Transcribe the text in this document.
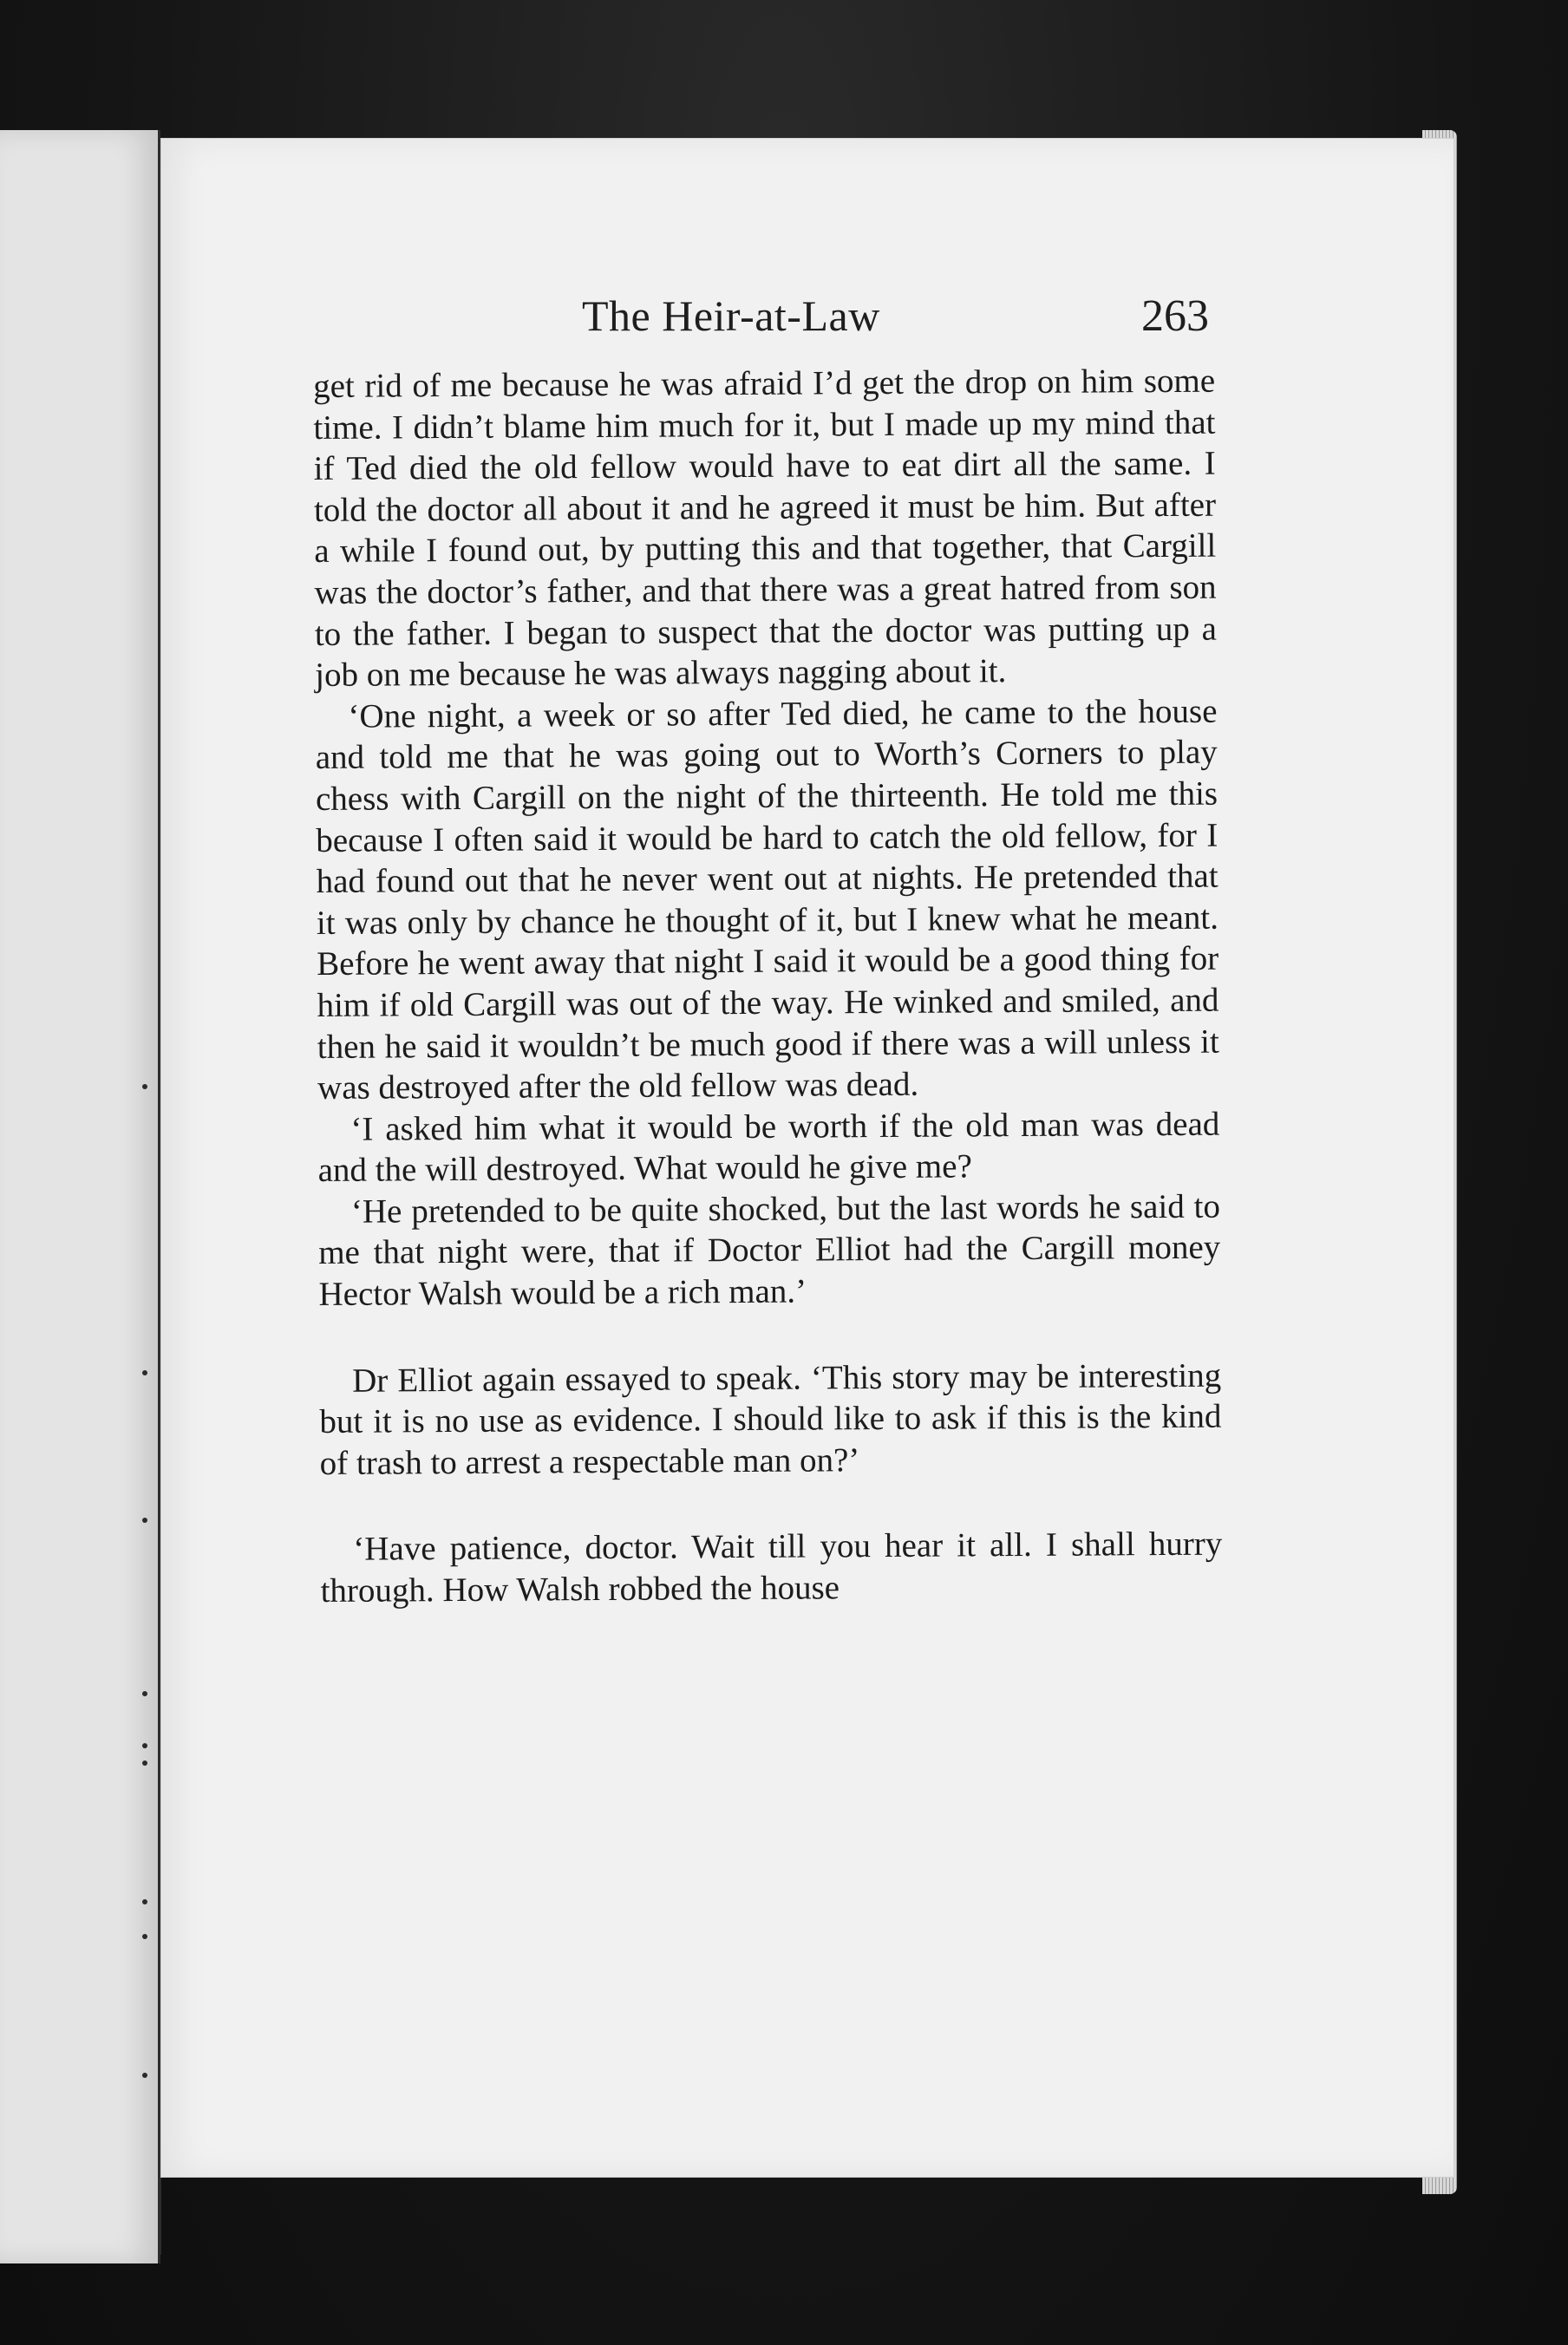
The Heir-at-Law	263

get rid of me because he was afraid I’d get the drop on him some time. I didn’t blame him much for it, but I made up my mind that if Ted died the old fellow would have to eat dirt all the same. I told the doctor all about it and he agreed it must be him. But after a while I found out, by putting this and that together, that Cargill was the doctor’s father, and that there was a great hatred from son to the father. I began to suspect that the doctor was putting up a job on me because he was always nagging about it.

‘One night, a week or so after Ted died, he came to the house and told me that he was going out to Worth’s Corners to play chess with Cargill on the night of the thirteenth. He told me this because I often said it would be hard to catch the old fellow, for I had found out that he never went out at nights. He pretended that it was only by chance he thought of it, but I knew what he meant. Before he went away that night I said it would be a good thing for him if old Cargill was out of the way. He winked and smiled, and then he said it wouldn’t be much good if there was a will unless it was destroyed after the old fellow was dead.

‘I asked him what it would be worth if the old man was dead and the will destroyed. What would he give me?

‘He pretended to be quite shocked, but the last words he said to me that night were, that if Doctor Elliot had the Cargill money Hector Walsh would be a rich man.’

Dr Elliot again essayed to speak. ‘This story may be interesting but it is no use as evidence. I should like to ask if this is the kind of trash to arrest a respectable man on?’

‘Have patience, doctor. Wait till you hear it all. I shall hurry through. How Walsh robbed the house
